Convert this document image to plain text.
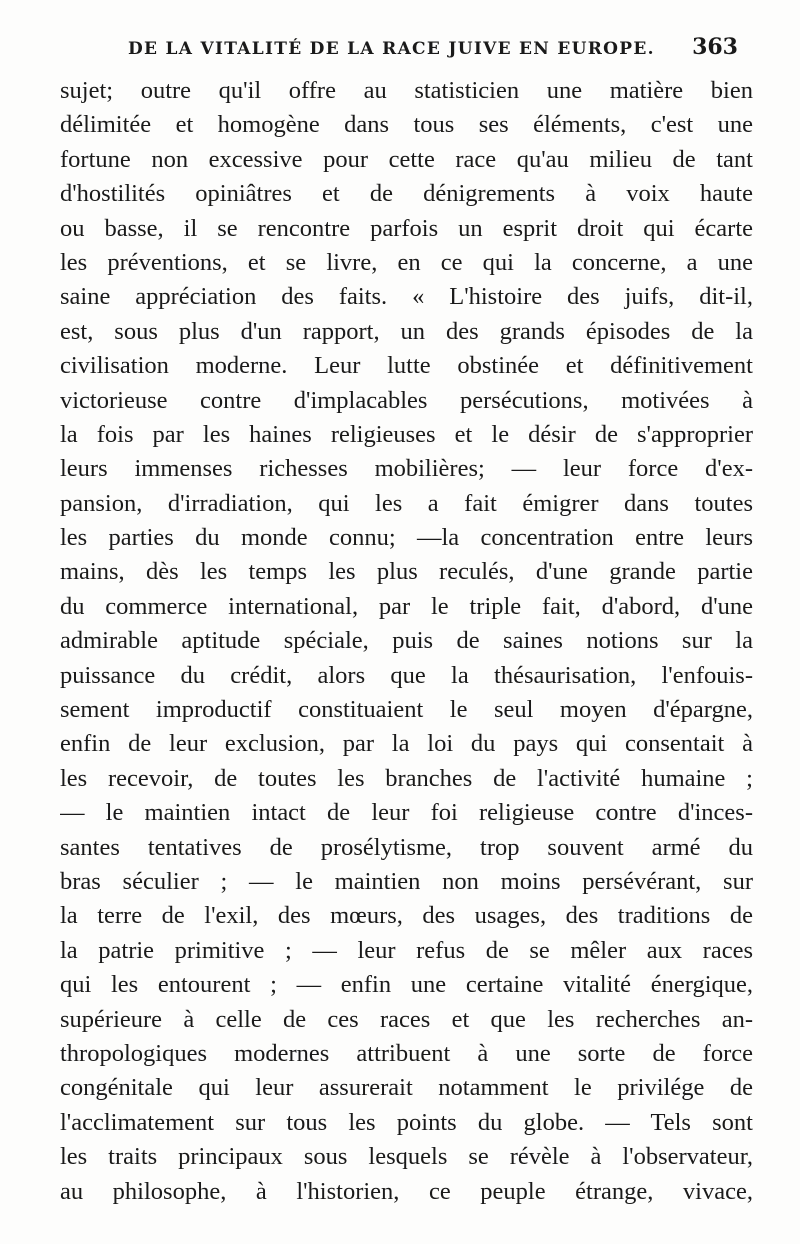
DE LA VITALITÉ DE LA RACE JUIVE EN EUROPE. 363
sujet; outre qu'il offre au statisticien une matière bien
délimitée et homogène dans tous ses éléments, c'est une
fortune non excessive pour cette race qu'au milieu de tant
d'hostilités opiniâtres et de dénigrements à voix haute
ou basse, il se rencontre parfois un esprit droit qui écarte
les préventions, et se livre, en ce qui la concerne, a une
saine appréciation des faits. « L'histoire des juifs, dit-il,
est, sous plus d'un rapport, un des grands épisodes de la
civilisation moderne. Leur lutte obstinée et définitivement
victorieuse contre d'implacables persécutions, motivées à
la fois par les haines religieuses et le désir de s'approprier
leurs immenses richesses mobilières; — leur force d'ex-
pansion, d'irradiation, qui les a fait émigrer dans toutes
les parties du monde connu; —la concentration entre leurs
mains, dès les temps les plus reculés, d'une grande partie
du commerce international, par le triple fait, d'abord, d'une
admirable aptitude spéciale, puis de saines notions sur la
puissance du crédit, alors que la thésaurisation, l'enfouis-
sement improductif constituaient le seul moyen d'épargne,
enfin de leur exclusion, par la loi du pays qui consentait à
les recevoir, de toutes les branches de l'activité humaine ;
— le maintien intact de leur foi religieuse contre d'inces-
santes tentatives de prosélytisme, trop souvent armé du
bras séculier ; — le maintien non moins persévérant, sur
la terre de l'exil, des mœurs, des usages, des traditions de
la patrie primitive ; — leur refus de se mêler aux races
qui les entourent ; — enfin une certaine vitalité énergique,
supérieure à celle de ces races et que les recherches an-
thropologiques modernes attribuent à une sorte de force
congénitale qui leur assurerait notamment le privilége de
l'acclimatement sur tous les points du globe. — Tels sont
les traits principaux sous lesquels se révèle à l'observateur,
au philosophe, à l'historien, ce peuple étrange, vivace,
